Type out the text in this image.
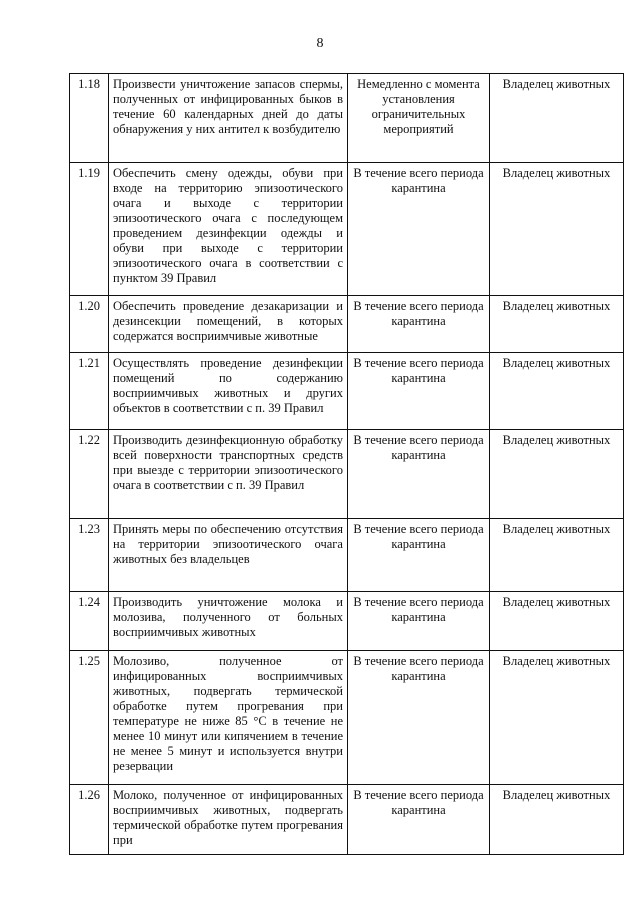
8
1.18	Произвести уничтожение запасов спермы, полученных от инфицированных быков в течение 60 календарных дней до даты обнаружения у них антител к возбудителю	Немедленно с момента установления ограничительных мероприятий	Владелец животных
1.19	Обеспечить смену одежды, обуви при входе на территорию эпизоотического очага и выходе с территории эпизоотического очага с последующем проведением дезинфекции одежды и обуви при выходе с территории эпизоотического очага в соответствии с пунктом 39 Правил	В течение всего периода карантина	Владелец животных
1.20	Обеспечить проведение дезакаризации и дезинсекции помещений, в которых содержатся восприимчивые животные	В течение всего периода карантина	Владелец животных
1.21	Осуществлять проведение дезинфекции помещений по содержанию восприимчивых животных и других объектов в соответствии с п. 39 Правил	В течение всего периода карантина	Владелец животных
1.22	Производить дезинфекционную обработку всей поверхности транспортных средств при выезде с территории эпизоотического очага в соответствии с п. 39 Правил	В течение всего периода карантина	Владелец животных
1.23	Принять меры по обеспечению отсутствия на территории эпизоотического очага животных без владельцев	В течение всего периода карантина	Владелец животных
1.24	Производить уничтожение молока и молозива, полученного от больных восприимчивых животных	В течение всего периода карантина	Владелец животных
1.25	Молозиво, полученное от инфицированных восприимчивых животных, подвергать термической обработке путем прогревания при температуре не ниже 85 °С в течение не менее 10 минут или кипячением в течение не менее 5 минут и используется внутри резервации	В течение всего периода карантина	Владелец животных
1.26	Молоко, полученное от инфицированных восприимчивых животных, подвергать термической обработке путем прогревания при	В течение всего периода карантина	Владелец животных
